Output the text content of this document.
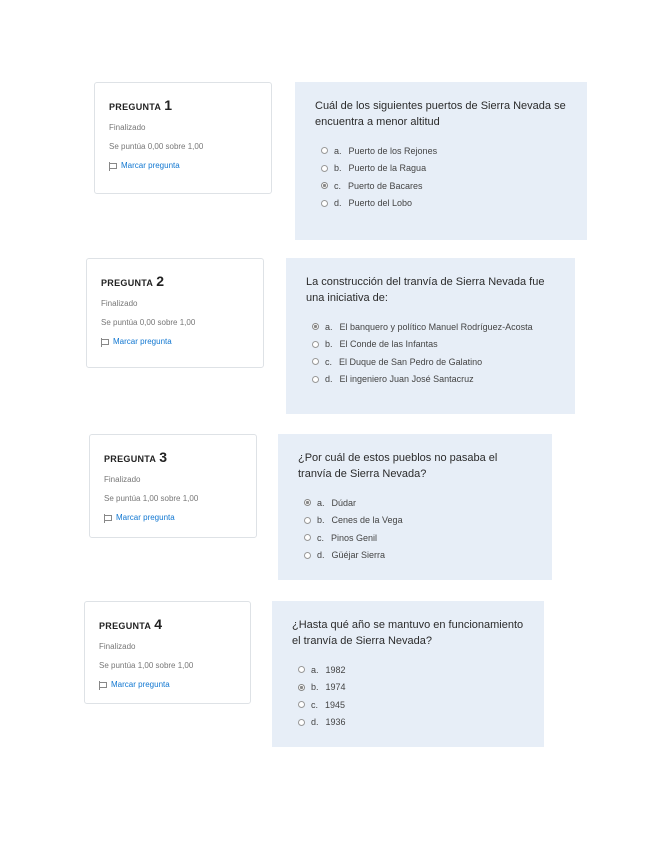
PREGUNTA 1
Finalizado
Se puntúa 0,00 sobre 1,00
Marcar pregunta
Cuál de los siguientes puertos de Sierra Nevada se encuentra a menor altitud
a. Puerto de los Rejones
b. Puerto de la Ragua
c. Puerto de Bacares
d. Puerto del Lobo
PREGUNTA 2
Finalizado
Se puntúa 0,00 sobre 1,00
Marcar pregunta
La construcción del tranvía de Sierra Nevada fue una iniciativa de:
a. El banquero y político Manuel Rodríguez-Acosta
b. El Conde de las Infantas
c. El Duque de San Pedro de Galatino
d. El ingeniero Juan José Santacruz
PREGUNTA 3
Finalizado
Se puntúa 1,00 sobre 1,00
Marcar pregunta
¿Por cuál de estos pueblos no pasaba el tranvía de Sierra Nevada?
a. Dúdar
b. Cenes de la Vega
c. Pinos Genil
d. Güéjar Sierra
PREGUNTA 4
Finalizado
Se puntúa 1,00 sobre 1,00
Marcar pregunta
¿Hasta qué año se mantuvo en funcionamiento el tranvía de Sierra Nevada?
a. 1982
b. 1974
c. 1945
d. 1936
